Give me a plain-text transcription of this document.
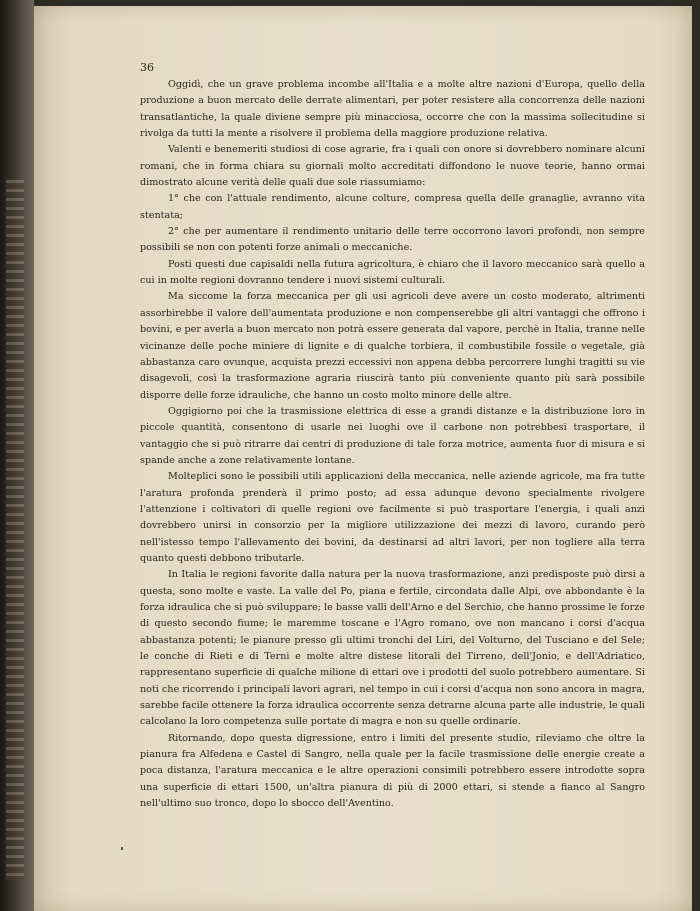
36

Oggidì, che un grave problema incombe all'Italia e a molte altre nazioni d'Europa, quello della produzione a buon mercato delle derrate alimentari, per poter resistere alla concorrenza delle nazioni transatlantiche, la quale diviene sempre più minacciosa, occorre che con la massima sollecitudine si rivolga da tutti la mente a risolvere il problema della maggiore produzione relativa.

Valenti e benemeriti studiosi di cose agrarie, fra i quali con onore si dovrebbero nominare alcuni romani, che in forma chiara su giornali molto accreditati diffondono le nuove teorie, hanno ormai dimostrato alcune verità delle quali due sole riassumiamo:

1° che con l'attuale rendimento, alcune colture, compresa quella delle granaglie, avranno vita stentata;

2° che per aumentare il rendimento unitario delle terre occorrono lavori profondi, non sempre possibili se non con potenti forze animali o meccaniche.

Posti questi due capisaldi nella futura agricoltura, è chiaro che il lavoro meccanico sarà quello a cui in molte regioni dovranno tendere i nuovi sistemi culturali.

Ma siccome la forza meccanica per gli usi agricoli deve avere un costo moderato, altrimenti assorbirebbe il valore dell'aumentata produzione e non compenserebbe gli altri vantaggi che offrono i bovini, e per averla a buon mercato non potrà essere generata dal vapore, perchè in Italia, tranne nelle vicinanze delle poche miniere di lignite e di qualche torbiera, il combustibile fossile o vegetale, già abbastanza caro ovunque, acquista prezzi eccessivi non appena debba percorrere lunghi tragitti su vie disagevoli, così la trasformazione agraria riuscirà tanto più conveniente quanto più sarà possibile disporre delle forze idrauliche, che hanno un costo molto minore delle altre.

Oggigiorno poi che la trasmissione elettrica di esse a grandi distanze e la distribuzione loro in piccole quantità, consentono di usarle nei luoghi ove il carbone non potrebbesi trasportare, il vantaggio che si può ritrarre dai centri di produzione di tale forza motrice, aumenta fuor di misura e si spande anche a zone relativamente lontane.

Molteplici sono le possibili utili applicazioni della meccanica, nelle aziende agricole, ma fra tutte l'aratura profonda prenderà il primo posto; ad essa adunque devono specialmente rivolgere l'attenzione i coltivatori di quelle regioni ove facilmente si può trasportare l'energia, i quali anzi dovrebbero unirsi in consorzio per la migliore utilizzazione dei mezzi di lavoro, curando però nell'istesso tempo l'allevamento dei bovini, da destinarsi ad altri lavori, per non togliere alla terra quanto questi debbono tributarle.

In Italia le regioni favorite dalla natura per la nuova trasformazione, anzi predisposte può dirsi a questa, sono molte e vaste. La valle del Po, piana e fertile, circondata dalle Alpi, ove abbondante è la forza idraulica che si può sviluppare; le basse valli dell'Arno e del Serchio, che hanno prossime le forze di questo secondo fiume; le maremme toscane e l'Agro romano, ove non mancano i corsi d'acqua abbastanza potenti; le pianure presso gli ultimi tronchi del Liri, del Volturno, del Tusciano e del Sele; le conche di Rieti e di Terni e molte altre distese litorali del Tirreno, dell'Jonio, e dell'Adriatico, rappresentano superficie di qualche milione di ettari ove i prodotti del suolo potrebbero aumentare. Si noti che ricorrendo i principali lavori agrari, nel tempo in cui i corsi d'acqua non sono ancora in magra, sarebbe facile ottenere la forza idraulica occorrente senza detrarne alcuna parte alle industrie, le quali calcolano la loro competenza sulle portate di magra e non su quelle ordinarie.

Ritornando, dopo questa digressione, entro i limiti del presente studio, rileviamo che oltre la pianura fra Alfedena e Castel di Sangro, nella quale per la facile trasmissione delle energie create a poca distanza, l'aratura meccanica e le altre operazioni consimili potrebbero essere introdotte sopra una superficie di ettari 1500, un'altra pianura di più di 2000 ettari, si stende a fianco al Sangro nell'ultimo suo tronco, dopo lo sbocco dell'Aventino.
